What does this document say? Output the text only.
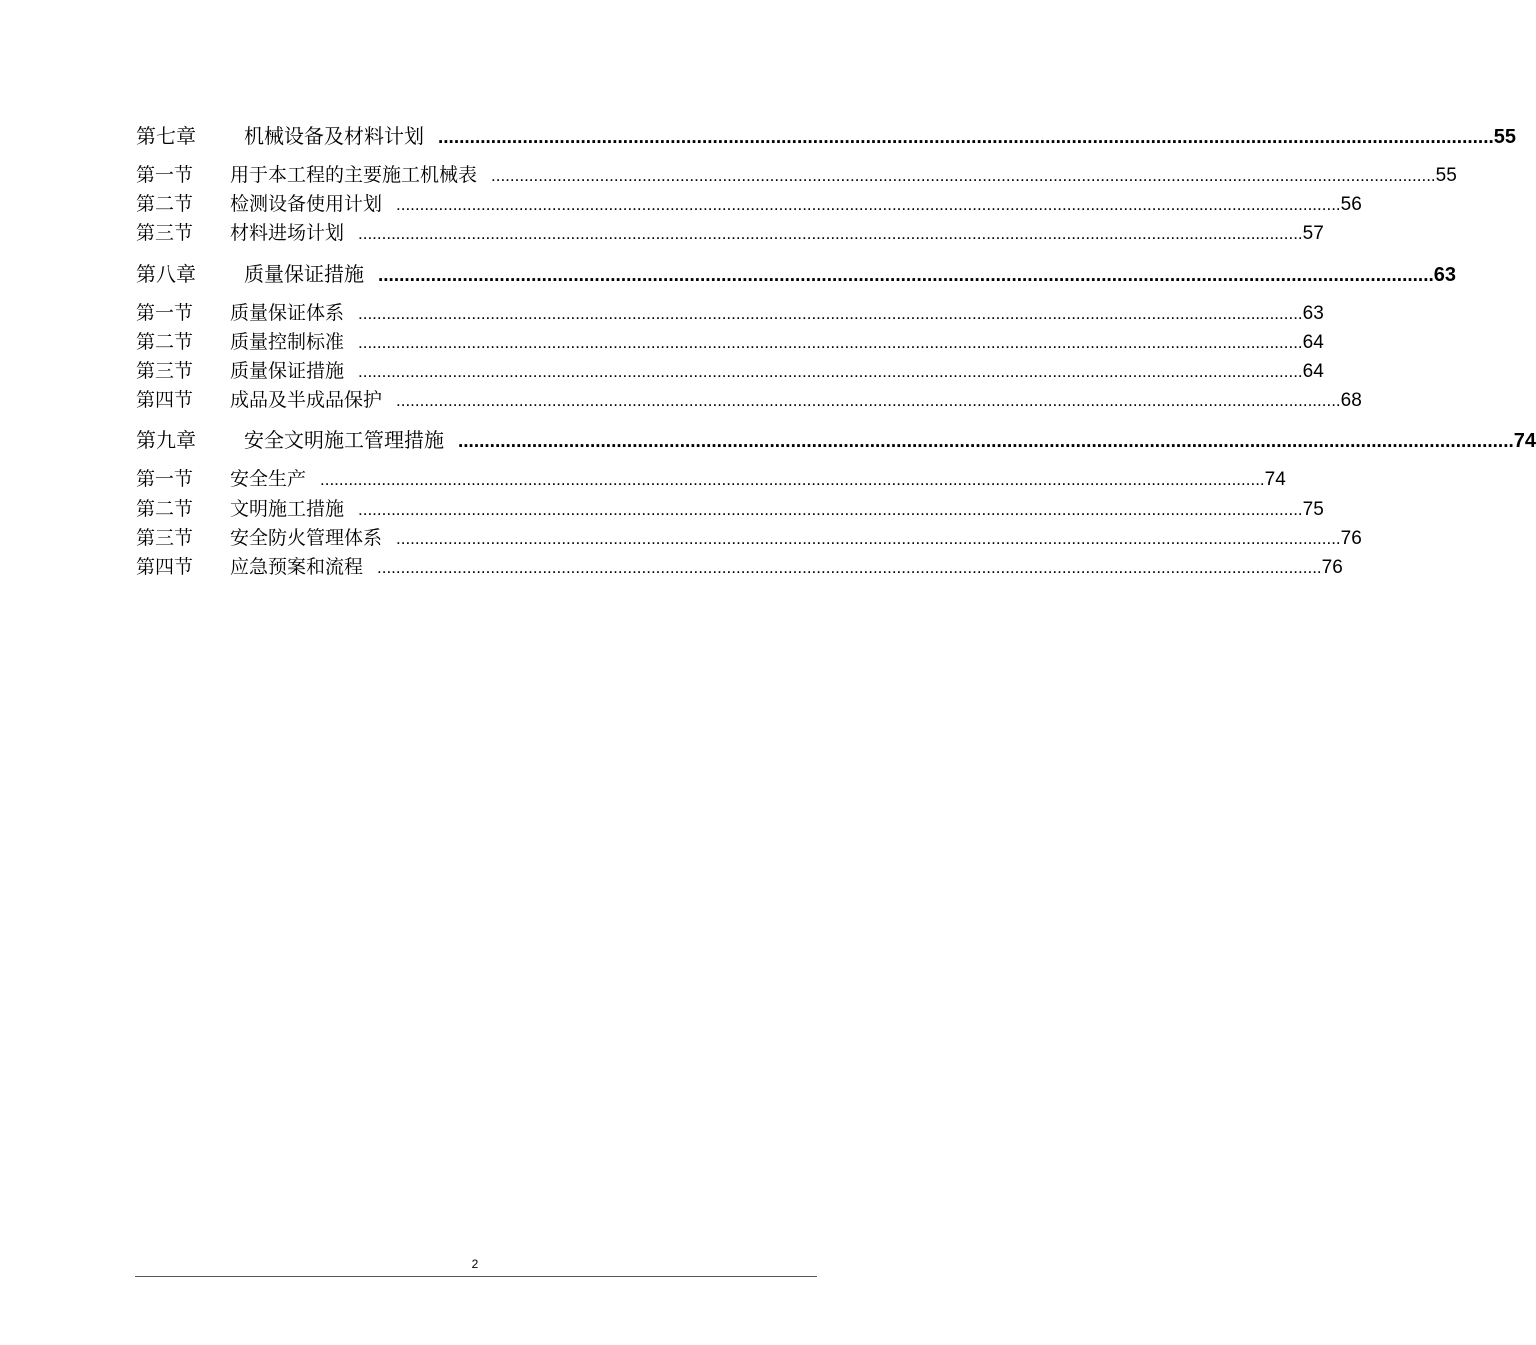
第七章	机械设备及材料计划 ........................................................................................................................................................................................................ 55
第一节	用于本工程的主要施工机械表 ........................................................................................................................................................................................................ 55
第二节	检测设备使用计划 ........................................................................................................................................................................................................ 56
第三节	材料进场计划 ........................................................................................................................................................................................................ 57
第八章	质量保证措施 ........................................................................................................................................................................................................ 63
第一节	质量保证体系 ........................................................................................................................................................................................................ 63
第二节	质量控制标准 ........................................................................................................................................................................................................ 64
第三节	质量保证措施 ........................................................................................................................................................................................................ 64
第四节	成品及半成品保护 ........................................................................................................................................................................................................ 68
第九章	安全文明施工管理措施 ........................................................................................................................................................................................................ 74
第一节	安全生产 ........................................................................................................................................................................................................ 74
第二节	文明施工措施 ........................................................................................................................................................................................................ 75
第三节	安全防火管理体系 ........................................................................................................................................................................................................ 76
第四节	应急预案和流程 ........................................................................................................................................................................................................ 76
2
